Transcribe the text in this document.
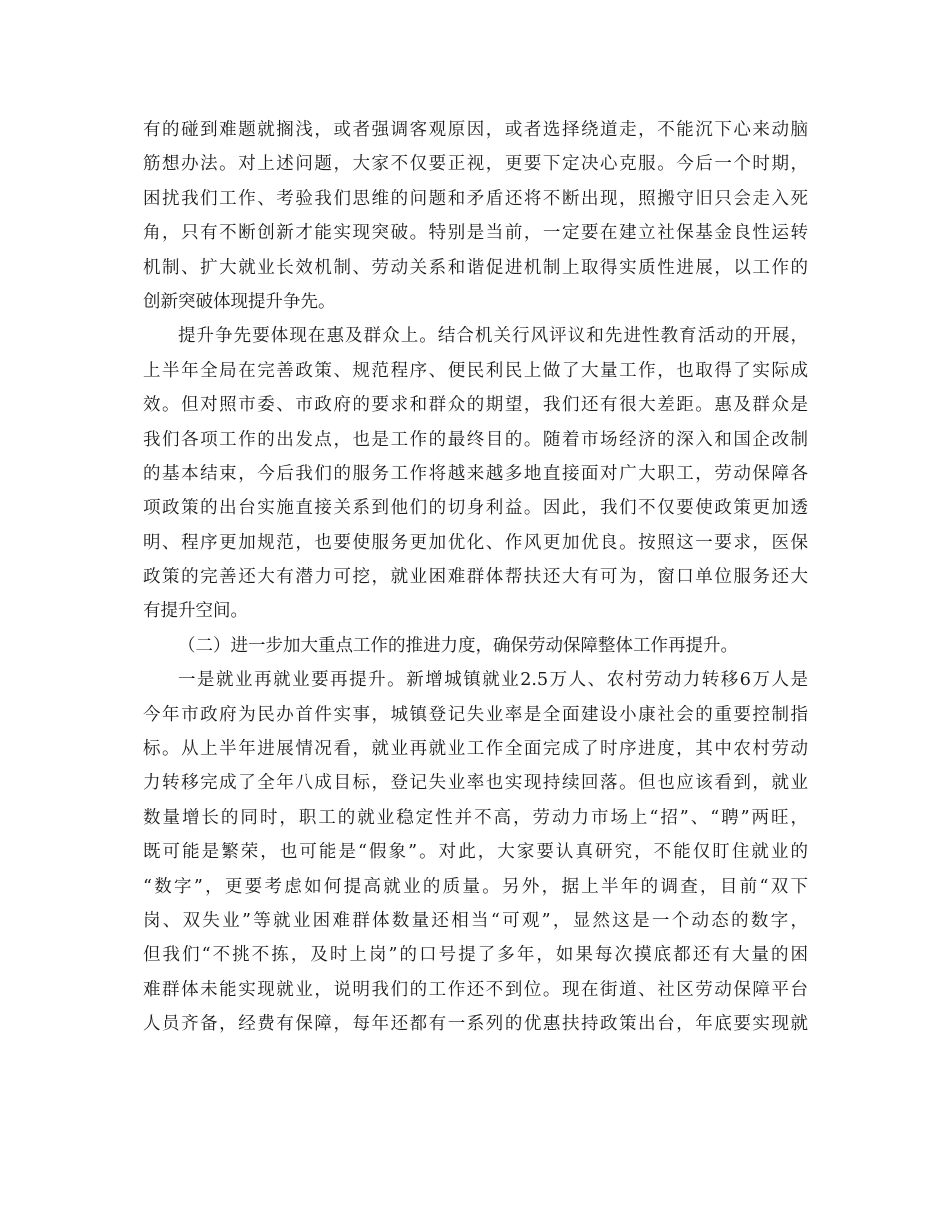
有的碰到难题就搁浅，或者强调客观原因，或者选择绕道走，不能沉下心来动脑
筋想办法。对上述问题，大家不仅要正视，更要下定决心克服。今后一个时期，
困扰我们工作、考验我们思维的问题和矛盾还将不断出现，照搬守旧只会走入死
角，只有不断创新才能实现突破。特别是当前，一定要在建立社保基金良性运转
机制、扩大就业长效机制、劳动关系和谐促进机制上取得实质性进展，以工作的
创新突破体现提升争先。
提升争先要体现在惠及群众上。结合机关行风评议和先进性教育活动的开展，
上半年全局在完善政策、规范程序、便民利民上做了大量工作，也取得了实际成
效。但对照市委、市政府的要求和群众的期望，我们还有很大差距。惠及群众是
我们各项工作的出发点，也是工作的最终目的。随着市场经济的深入和国企改制
的基本结束，今后我们的服务工作将越来越多地直接面对广大职工，劳动保障各
项政策的出台实施直接关系到他们的切身利益。因此，我们不仅要使政策更加透
明、程序更加规范，也要使服务更加优化、作风更加优良。按照这一要求，医保
政策的完善还大有潜力可挖，就业困难群体帮扶还大有可为，窗口单位服务还大
有提升空间。
（二）进一步加大重点工作的推进力度，确保劳动保障整体工作再提升。
一是就业再就业要再提升。新增城镇就业2.5万人、农村劳动力转移6万人是
今年市政府为民办首件实事，城镇登记失业率是全面建设小康社会的重要控制指
标。从上半年进展情况看，就业再就业工作全面完成了时序进度，其中农村劳动
力转移完成了全年八成目标，登记失业率也实现持续回落。但也应该看到，就业
数量增长的同时，职工的就业稳定性并不高，劳动力市场上“招”、“聘”两旺，
既可能是繁荣，也可能是“假象”。对此，大家要认真研究，不能仅盯住就业的
“数字”，更要考虑如何提高就业的质量。另外，据上半年的调查，目前“双下
岗、双失业”等就业困难群体数量还相当“可观”，显然这是一个动态的数字，
但我们“不挑不拣，及时上岗”的口号提了多年，如果每次摸底都还有大量的困
难群体未能实现就业，说明我们的工作还不到位。现在街道、社区劳动保障平台
人员齐备，经费有保障，每年还都有一系列的优惠扶持政策出台，年底要实现就
